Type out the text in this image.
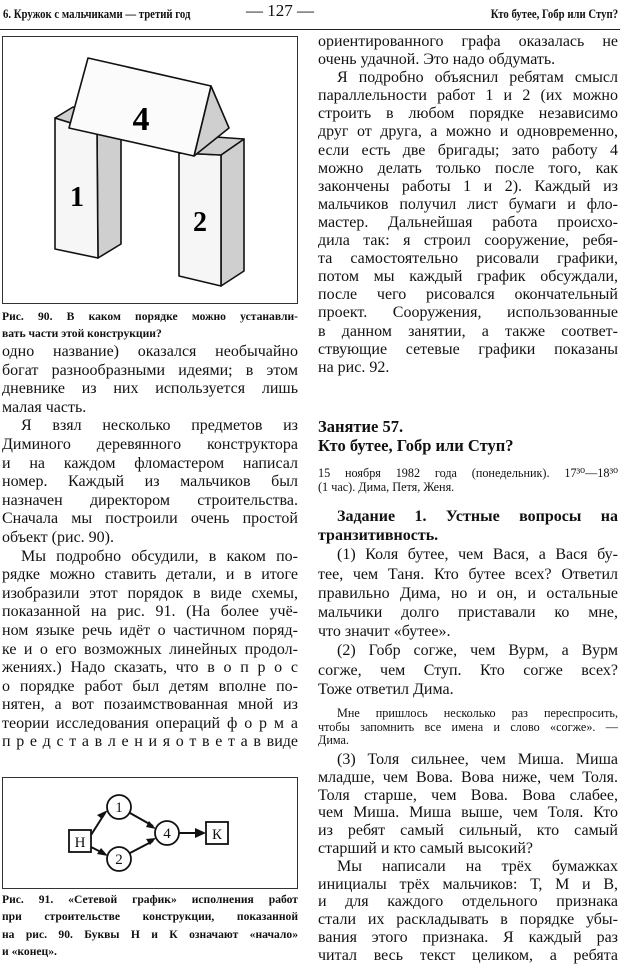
6. Кружок с мальчиками — третий год	— 127 —	Кто бутее, Гобр или Ступ?
4
1
2
Рис. 90. В каком порядке можно устанавли-
вать части этой конструкции?
одно название) оказался необычайно
богат разнообразными идеями; в этом
дневнике из них используется лишь
малая часть.
Я взял несколько предметов из
Диминого деревянного конструктора
и на каждом фломастером написал
номер. Каждый из мальчиков был
назначен директором строительства.
Сначала мы построили очень простой
объект (рис. 90).
Мы подробно обсудили, в каком по-
рядке можно ставить детали, и в итоге
изобразили этот порядок в виде схемы,
показанной на рис. 91. (На более учё-
ном языке речь идёт о частичном поряд-
ке и о его возможных линейных продол-
жениях.) Надо сказать, что в о п р о с
о порядке работ был детям вполне по-
нятен, а вот позаимствованная мной из
теории исследования операций ф о р м а
п р е д с т а в л е н и я о т в е т а в виде
Н
1
2
4	К
Рис. 91. «Сетевой график» исполнения работ
при строительстве конструкции, показанной
на рис. 90. Буквы Н и К означают «начало»
и «конец».
ориентированного графа оказалась не
очень удачной. Это надо обдумать.
Я подробно объяснил ребятам смысл
параллельности работ 1 и 2 (их можно
строить в любом порядке независимо
друг от друга, а можно и одновременно,
если есть две бригады; зато работу 4
можно делать только после того, как
закончены работы 1 и 2). Каждый из
мальчиков получил лист бумаги и фло-
мастер. Дальнейшая работа происхо-
дила так: я строил сооружение, ребя-
та самостоятельно рисовали графики,
потом мы каждый график обсуждали,
после чего рисовался окончательный
проект. Сооружения, использованные
в данном занятии, а также соответ-
ствующие сетевые графики показаны
на рис. 92.
Занятие 57.
Кто бутее, Гобр или Ступ?
15 ноября 1982 года (понедельник). 17³⁰—18³⁰
(1 час). Дима, Петя, Женя.
Задание 1. Устные вопросы на
транзитивность.
(1) Коля бутее, чем Вася, а Вася бу-
тее, чем Таня. Кто бутее всех? Ответил
правильно Дима, но и он, и остальные
мальчики долго приставали ко мне,
что значит «бутее».
(2) Гобр согже, чем Вурм, а Вурм
согже, чем Ступ. Кто согже всех?
Тоже ответил Дима.
Мне пришлось несколько раз переспросить,
чтобы запомнить все имена и слово «согже». —
Дима.
(3) Толя сильнее, чем Миша. Миша
младше, чем Вова. Вова ниже, чем Толя.
Толя старше, чем Вова. Вова слабее,
чем Миша. Миша выше, чем Толя. Кто
из ребят самый сильный, кто самый
старший и кто самый высокий?
Мы написали на трёх бумажках
инициалы трёх мальчиков: Т, М и В,
и для каждого отдельного признака
стали их раскладывать в порядке убы-
вания этого признака. Я каждый раз
читал весь текст целиком, а ребята
